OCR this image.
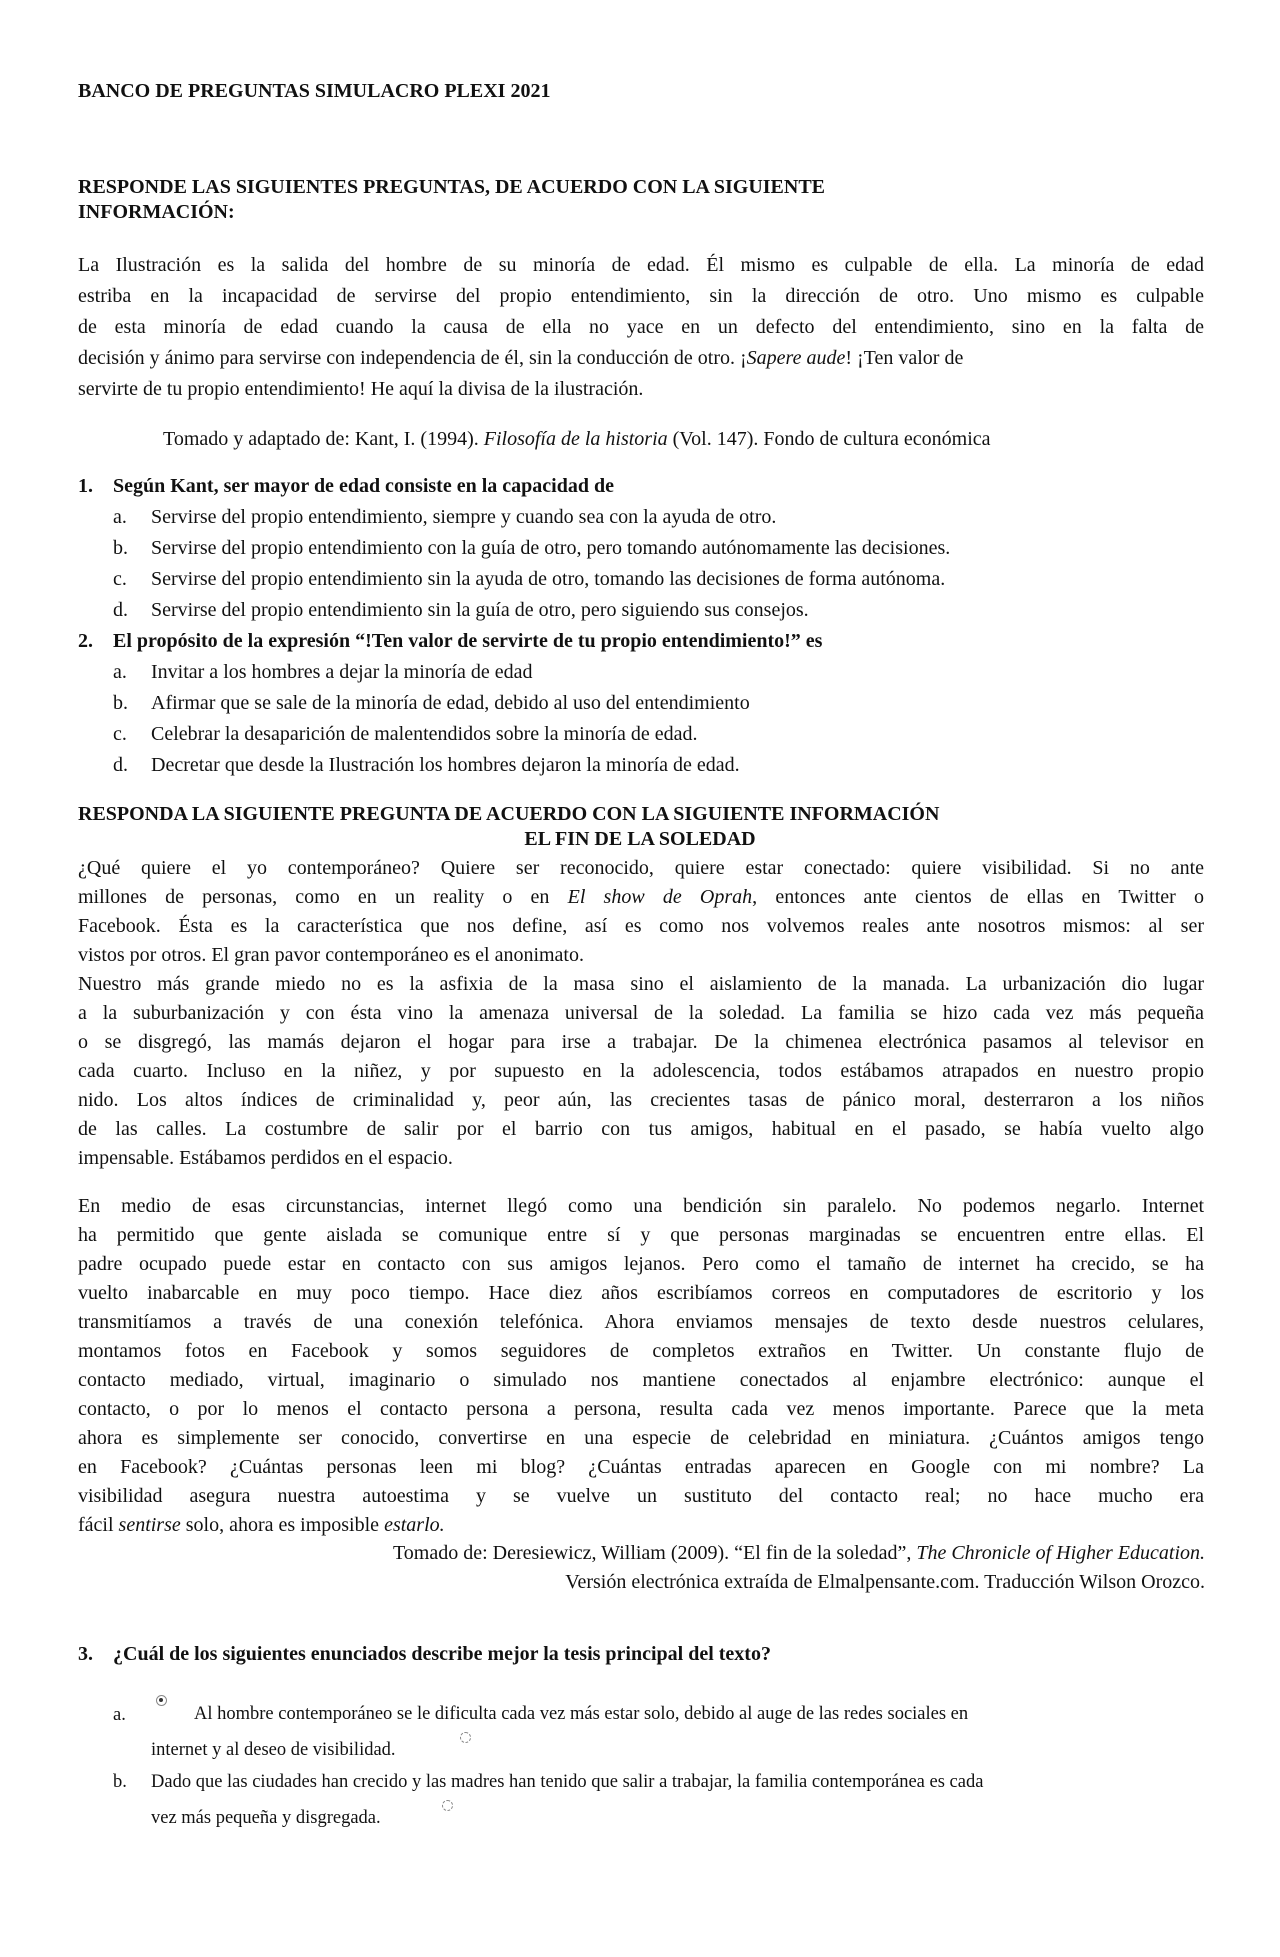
BANCO DE PREGUNTAS SIMULACRO PLEXI 2021
RESPONDE LAS SIGUIENTES PREGUNTAS, DE ACUERDO CON LA SIGUIENTE
INFORMACIÓN:
La Ilustración es la salida del hombre de su minoría de edad. Él mismo es culpable de ella. La minoría de edad
estriba en la incapacidad de servirse del propio entendimiento, sin la dirección de otro. Uno mismo es culpable
de esta minoría de edad cuando la causa de ella no yace en un defecto del entendimiento, sino en la falta de
decisión y ánimo para servirse con independencia de él, sin la conducción de otro. ¡Sapere aude! ¡Ten valor de
servirte de tu propio entendimiento! He aquí la divisa de la ilustración.
Tomado y adaptado de: Kant, I. (1994). Filosofía de la historia (Vol. 147). Fondo de cultura económica
1. Según Kant, ser mayor de edad consiste en la capacidad de
a. Servirse del propio entendimiento, siempre y cuando sea con la ayuda de otro.
b. Servirse del propio entendimiento con la guía de otro, pero tomando autónomamente las decisiones.
c. Servirse del propio entendimiento sin la ayuda de otro, tomando las decisiones de forma autónoma.
d. Servirse del propio entendimiento sin la guía de otro, pero siguiendo sus consejos.
2. El propósito de la expresión “!Ten valor de servirte de tu propio entendimiento!” es
a. Invitar a los hombres a dejar la minoría de edad
b. Afirmar que se sale de la minoría de edad, debido al uso del entendimiento
c. Celebrar la desaparición de malentendidos sobre la minoría de edad.
d. Decretar que desde la Ilustración los hombres dejaron la minoría de edad.
RESPONDA LA SIGUIENTE PREGUNTA DE ACUERDO CON LA SIGUIENTE INFORMACIÓN
EL FIN DE LA SOLEDAD
¿Qué quiere el yo contemporáneo? Quiere ser reconocido, quiere estar conectado: quiere visibilidad. Si no ante
millones de personas, como en un reality o en El show de Oprah, entonces ante cientos de ellas en Twitter o
Facebook. Ésta es la característica que nos define, así es como nos volvemos reales ante nosotros mismos: al ser
vistos por otros. El gran pavor contemporáneo es el anonimato.
Nuestro más grande miedo no es la asfixia de la masa sino el aislamiento de la manada. La urbanización dio lugar
a la suburbanización y con ésta vino la amenaza universal de la soledad. La familia se hizo cada vez más pequeña
o se disgregó, las mamás dejaron el hogar para irse a trabajar. De la chimenea electrónica pasamos al televisor en
cada cuarto. Incluso en la niñez, y por supuesto en la adolescencia, todos estábamos atrapados en nuestro propio
nido. Los altos índices de criminalidad y, peor aún, las crecientes tasas de pánico moral, desterraron a los niños
de las calles. La costumbre de salir por el barrio con tus amigos, habitual en el pasado, se había vuelto algo
impensable. Estábamos perdidos en el espacio.
En medio de esas circunstancias, internet llegó como una bendición sin paralelo. No podemos negarlo. Internet
ha permitido que gente aislada se comunique entre sí y que personas marginadas se encuentren entre ellas. El
padre ocupado puede estar en contacto con sus amigos lejanos. Pero como el tamaño de internet ha crecido, se ha
vuelto inabarcable en muy poco tiempo. Hace diez años escribíamos correos en computadores de escritorio y los
transmitíamos a través de una conexión telefónica. Ahora enviamos mensajes de texto desde nuestros celulares,
montamos fotos en Facebook y somos seguidores de completos extraños en Twitter. Un constante flujo de
contacto mediado, virtual, imaginario o simulado nos mantiene conectados al enjambre electrónico: aunque el
contacto, o por lo menos el contacto persona a persona, resulta cada vez menos importante. Parece que la meta
ahora es simplemente ser conocido, convertirse en una especie de celebridad en miniatura. ¿Cuántos amigos tengo
en Facebook? ¿Cuántas personas leen mi blog? ¿Cuántas entradas aparecen en Google con mi nombre? La
visibilidad asegura nuestra autoestima y se vuelve un sustituto del contacto real; no hace mucho era
fácil sentirse solo, ahora es imposible estarlo.
Tomado de: Deresiewicz, William (2009). “El fin de la soledad”, The Chronicle of Higher Education.
Versión electrónica extraída de Elmalpensante.com. Traducción Wilson Orozco.
3. ¿Cuál de los siguientes enunciados describe mejor la tesis principal del texto?
a.	Al hombre contemporáneo se le dificulta cada vez más estar solo, debido al auge de las redes sociales en
internet y al deseo de visibilidad.
b. Dado que las ciudades han crecido y las madres han tenido que salir a trabajar, la familia contemporánea es cada
vez más pequeña y disgregada.
